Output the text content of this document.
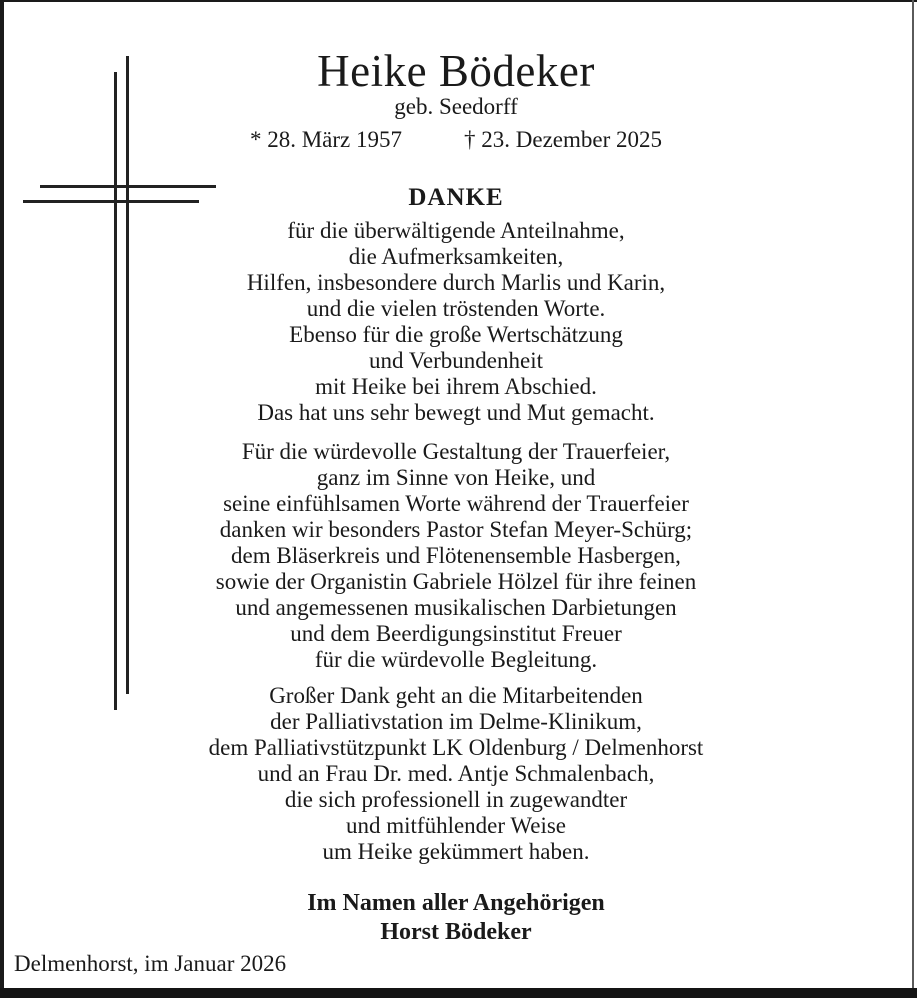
Heike Bödeker
geb. Seedorff
* 28. März 1957	† 23. Dezember 2025
DANKE
für die überwältigende Anteilnahme,
die Aufmerksamkeiten,
Hilfen, insbesondere durch Marlis und Karin,
und die vielen tröstenden Worte.
Ebenso für die große Wertschätzung
und Verbundenheit
mit Heike bei ihrem Abschied.
Das hat uns sehr bewegt und Mut gemacht.
Für die würdevolle Gestaltung der Trauerfeier,
ganz im Sinne von Heike, und
seine einfühlsamen Worte während der Trauerfeier
danken wir besonders Pastor Stefan Meyer-Schürg;
dem Bläserkreis und Flötenensemble Hasbergen,
sowie der Organistin Gabriele Hölzel für ihre feinen
und angemessenen musikalischen Darbietungen
und dem Beerdigungsinstitut Freuer
für die würdevolle Begleitung.
Großer Dank geht an die Mitarbeitenden
der Palliativstation im Delme-Klinikum,
dem Palliativstützpunkt LK Oldenburg / Delmenhorst
und an Frau Dr. med. Antje Schmalenbach,
die sich professionell in zugewandter
und mitfühlender Weise
um Heike gekümmert haben.
Im Namen aller Angehörigen
Horst Bödeker
Delmenhorst, im Januar 2026
